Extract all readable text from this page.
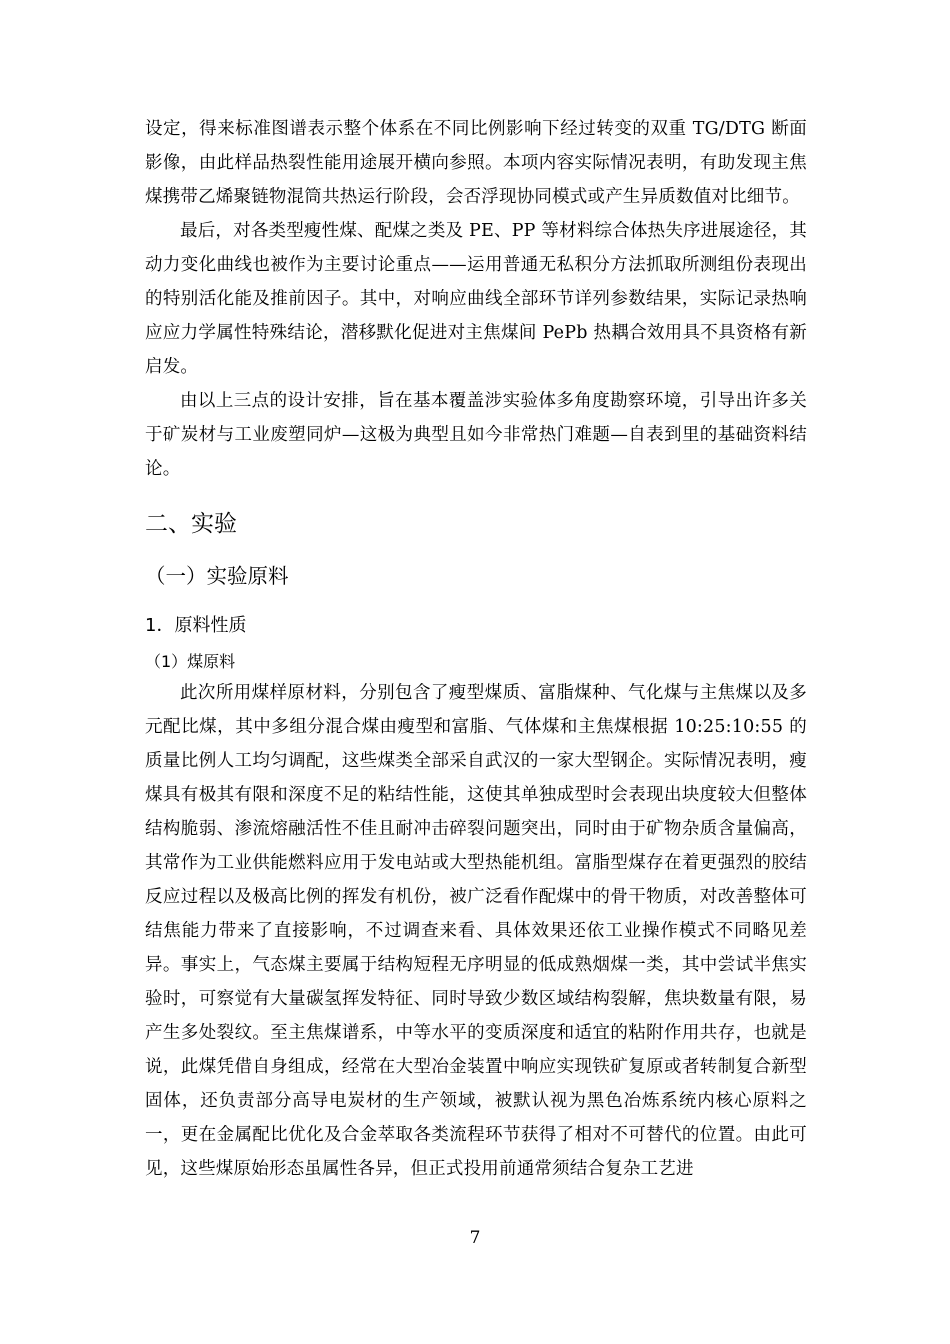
设定，得来标准图谱表示整个体系在不同比例影响下经过转变的双重 TG/DTG 断面影像，由此样品热裂性能用途展开横向参照。本项内容实际情况表明，有助发现主焦煤携带乙烯聚链物混筒共热运行阶段，会否浮现协同模式或产生异质数值对比细节。

最后，对各类型瘦性煤、配煤之类及 PE、PP 等材料综合体热失序进展途径，其动力变化曲线也被作为主要讨论重点——运用普通无私积分方法抓取所测组份表现出的特别活化能及推前因子。其中，对响应曲线全部环节详列参数结果，实际记录热响应应力学属性特殊结论，潜移默化促进对主焦煤间 PePb 热耦合效用具不具资格有新启发。

由以上三点的设计安排，旨在基本覆盖涉实验体多角度勘察环境，引导出许多关于矿炭材与工业废塑同炉—这极为典型且如今非常热门难题—自表到里的基础资料结论。

二、实验
（一）实验原料
1．原料性质
（1）煤原料

此次所用煤样原材料，分别包含了瘦型煤质、富脂煤种、气化煤与主焦煤以及多元配比煤，其中多组分混合煤由瘦型和富脂、气体煤和主焦煤根据 10:25:10:55 的质量比例人工均匀调配，这些煤类全部采自武汉的一家大型钢企。实际情况表明，瘦煤具有极其有限和深度不足的粘结性能，这使其单独成型时会表现出块度较大但整体结构脆弱、渗流熔融活性不佳且耐冲击碎裂问题突出，同时由于矿物杂质含量偏高，其常作为工业供能燃料应用于发电站或大型热能机组。富脂型煤存在着更强烈的胶结反应过程以及极高比例的挥发有机份，被广泛看作配煤中的骨干物质，对改善整体可结焦能力带来了直接影响，不过调查来看、具体效果还依工业操作模式不同略见差异。事实上，气态煤主要属于结构短程无序明显的低成熟烟煤一类，其中尝试半焦实验时，可察觉有大量碳氢挥发特征、同时导致少数区域结构裂解，焦块数量有限，易产生多处裂纹。至主焦煤谱系，中等水平的变质深度和适宜的粘附作用共存，也就是说，此煤凭借自身组成，经常在大型冶金装置中响应实现铁矿复原或者转制复合新型固体，还负责部分高导电炭材的生产领域，被默认视为黑色冶炼系统内核心原料之一，更在金属配比优化及合金萃取各类流程环节获得了相对不可替代的位置。由此可见，这些煤原始形态虽属性各异，但正式投用前通常须结合复杂工艺进

7
